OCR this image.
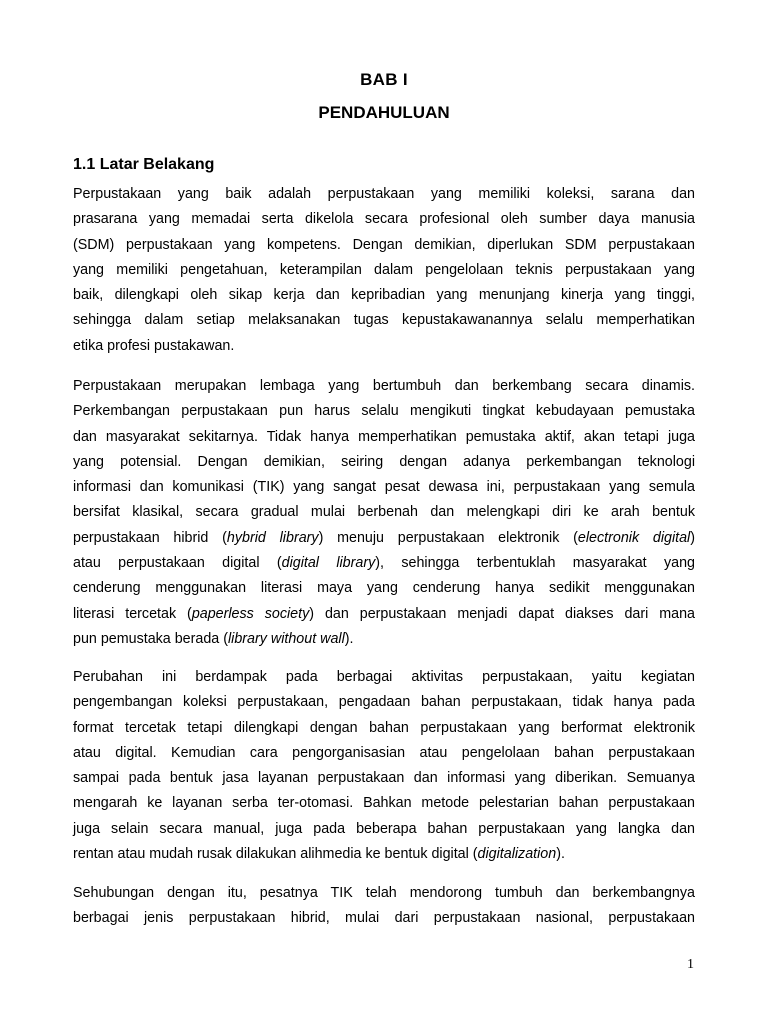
BAB I
PENDAHULUAN
1.1 Latar Belakang
Perpustakaan yang baik adalah perpustakaan yang memiliki koleksi, sarana dan
prasarana yang memadai serta dikelola secara profesional oleh sumber daya manusia
(SDM) perpustakaan yang kompetens. Dengan demikian, diperlukan SDM perpustakaan
yang memiliki pengetahuan, keterampilan dalam pengelolaan teknis perpustakaan yang
baik, dilengkapi oleh sikap kerja dan kepribadian yang menunjang kinerja yang tinggi,
sehingga dalam setiap melaksanakan tugas kepustakawanannya selalu memperhatikan
etika profesi pustakawan.
Perpustakaan merupakan lembaga yang bertumbuh dan berkembang secara dinamis.
Perkembangan perpustakaan pun harus selalu mengikuti tingkat kebudayaan pemustaka
dan masyarakat sekitarnya. Tidak hanya memperhatikan pemustaka aktif, akan tetapi juga
yang potensial. Dengan demikian, seiring dengan adanya perkembangan teknologi
informasi dan komunikasi (TIK) yang sangat pesat dewasa ini, perpustakaan yang semula
bersifat klasikal, secara gradual mulai berbenah dan melengkapi diri ke arah bentuk
perpustakaan hibrid (hybrid library) menuju perpustakaan elektronik (electronik digital)
atau perpustakaan digital (digital library), sehingga terbentuklah masyarakat yang
cenderung menggunakan literasi maya yang cenderung hanya sedikit menggunakan
literasi tercetak (paperless society) dan perpustakaan menjadi dapat diakses dari mana
pun pemustaka berada (library without wall).
Perubahan ini berdampak pada berbagai aktivitas perpustakaan, yaitu kegiatan
pengembangan koleksi perpustakaan, pengadaan bahan perpustakaan, tidak hanya pada
format tercetak tetapi dilengkapi dengan bahan perpustakaan yang berformat elektronik
atau digital. Kemudian cara pengorganisasian atau pengelolaan bahan perpustakaan
sampai pada bentuk jasa layanan perpustakaan dan informasi yang diberikan. Semuanya
mengarah ke layanan serba ter-otomasi. Bahkan metode pelestarian bahan perpustakaan
juga selain secara manual, juga pada beberapa bahan perpustakaan yang langka dan
rentan atau mudah rusak dilakukan alihmedia ke bentuk digital (digitalization).
Sehubungan dengan itu, pesatnya TIK telah mendorong tumbuh dan berkembangnya
berbagai jenis perpustakaan hibrid, mulai dari perpustakaan nasional, perpustakaan
1
